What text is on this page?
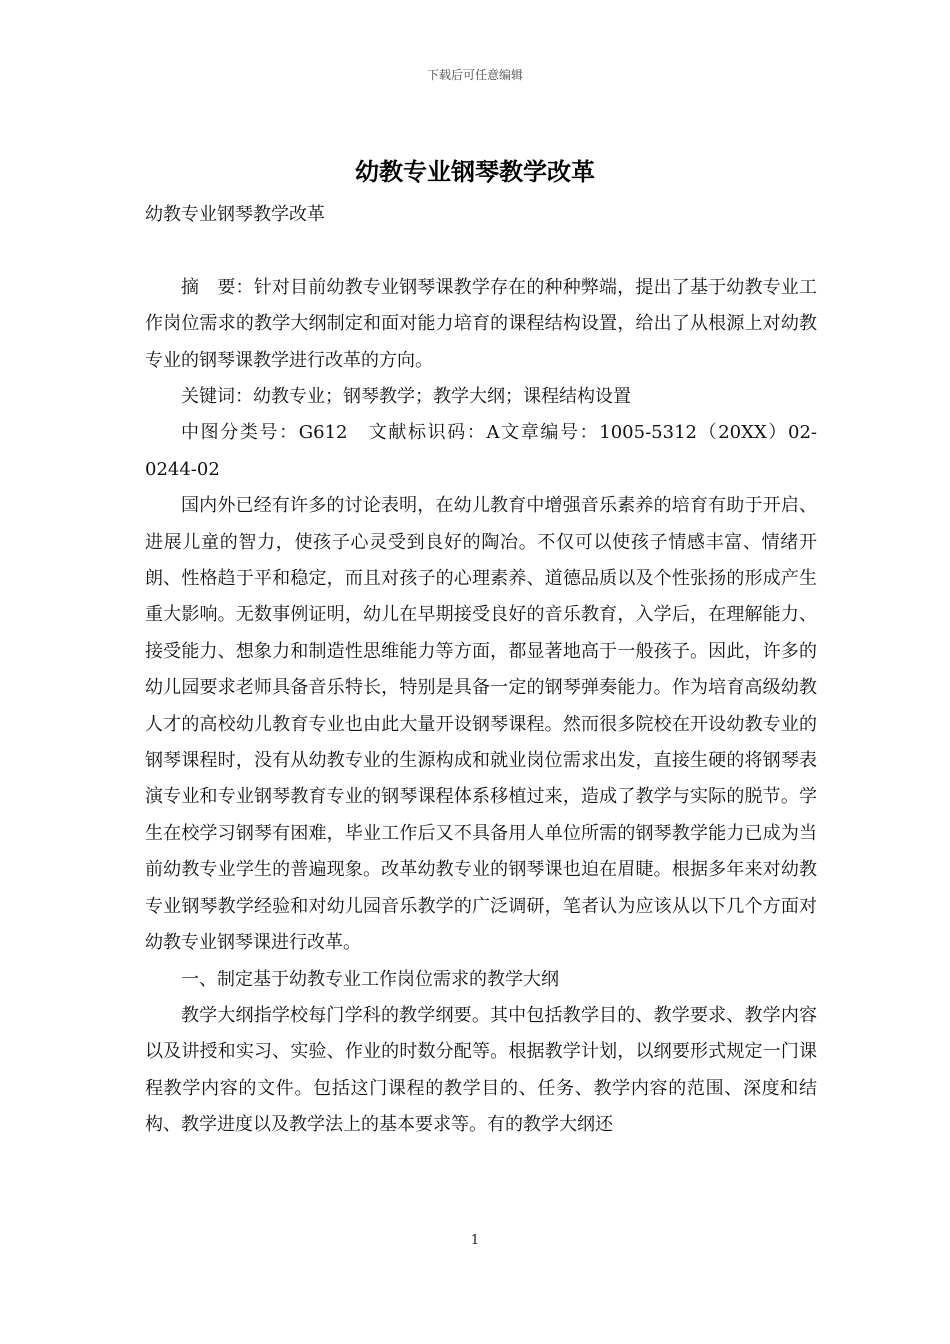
下载后可任意编辑
幼教专业钢琴教学改革

幼教专业钢琴教学改革

摘　要：针对目前幼教专业钢琴课教学存在的种种弊端，提出了基于幼教专业工作岗位需求的教学大纲制定和面对能力培育的课程结构设置，给出了从根源上对幼教专业的钢琴课教学进行改革的方向。

关键词：幼教专业；钢琴教学；教学大纲；课程结构设置

中图分类号：G612　文献标识码：A文章编号：1005-5312（20XX）02-0244-02

国内外已经有许多的讨论表明，在幼儿教育中增强音乐素养的培育有助于开启、进展儿童的智力，使孩子心灵受到良好的陶冶。不仅可以使孩子情感丰富、情绪开朗、性格趋于平和稳定，而且对孩子的心理素养、道德品质以及个性张扬的形成产生重大影响。无数事例证明，幼儿在早期接受良好的音乐教育，入学后，在理解能力、接受能力、想象力和制造性思维能力等方面，都显著地高于一般孩子。因此，许多的幼儿园要求老师具备音乐特长，特别是具备一定的钢琴弹奏能力。作为培育高级幼教人才的高校幼儿教育专业也由此大量开设钢琴课程。然而很多院校在开设幼教专业的钢琴课程时，没有从幼教专业的生源构成和就业岗位需求出发，直接生硬的将钢琴表演专业和专业钢琴教育专业的钢琴课程体系移植过来，造成了教学与实际的脱节。学生在校学习钢琴有困难，毕业工作后又不具备用人单位所需的钢琴教学能力已成为当前幼教专业学生的普遍现象。改革幼教专业的钢琴课也迫在眉睫。根据多年来对幼教专业钢琴教学经验和对幼儿园音乐教学的广泛调研，笔者认为应该从以下几个方面对幼教专业钢琴课进行改革。

一、制定基于幼教专业工作岗位需求的教学大纲

教学大纲指学校每门学科的教学纲要。其中包括教学目的、教学要求、教学内容以及讲授和实习、实验、作业的时数分配等。根据教学计划，以纲要形式规定一门课程教学内容的文件。包括这门课程的教学目的、任务、教学内容的范围、深度和结构、教学进度以及教学法上的基本要求等。有的教学大纲还

1
